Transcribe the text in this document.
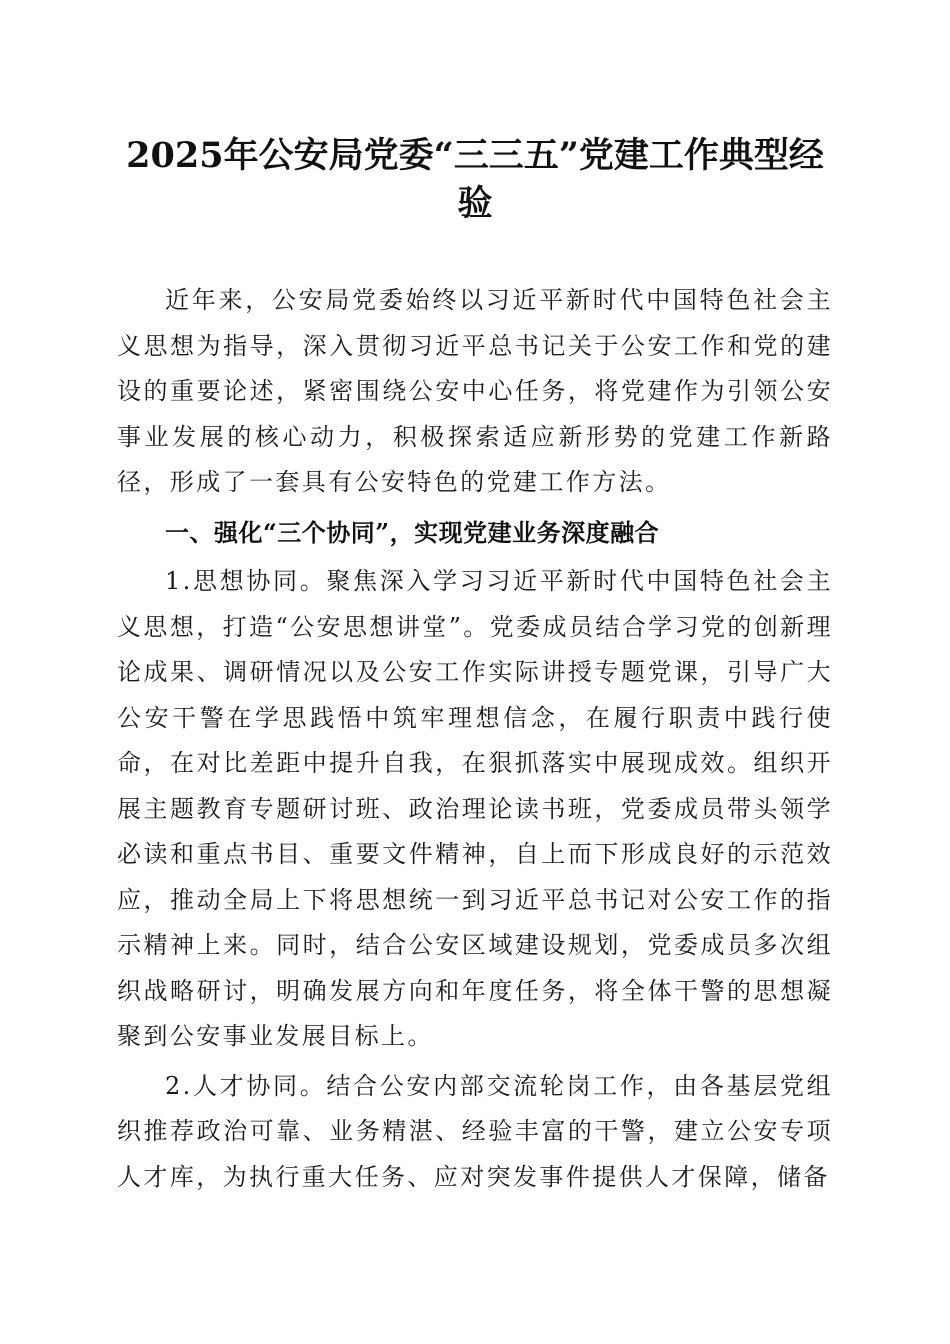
2025年公安局党委“三三五”党建工作典型经验

近年来，公安局党委始终以习近平新时代中国特色社会主义思想为指导，深入贯彻习近平总书记关于公安工作和党的建设的重要论述，紧密围绕公安中心任务，将党建作为引领公安事业发展的核心动力，积极探索适应新形势的党建工作新路径，形成了一套具有公安特色的党建工作方法。

一、强化“三个协同”，实现党建业务深度融合

1.思想协同。聚焦深入学习习近平新时代中国特色社会主义思想，打造“公安思想讲堂”。党委成员结合学习党的创新理论成果、调研情况以及公安工作实际讲授专题党课，引导广大公安干警在学思践悟中筑牢理想信念，在履行职责中践行使命，在对比差距中提升自我，在狠抓落实中展现成效。组织开展主题教育专题研讨班、政治理论读书班，党委成员带头领学必读和重点书目、重要文件精神，自上而下形成良好的示范效应，推动全局上下将思想统一到习近平总书记对公安工作的指示精神上来。同时，结合公安区域建设规划，党委成员多次组织战略研讨，明确发展方向和年度任务，将全体干警的思想凝聚到公安事业发展目标上。

2.人才协同。结合公安内部交流轮岗工作，由各基层党组织推荐政治可靠、业务精湛、经验丰富的干警，建立公安专项人才库，为执行重大任务、应对突发事件提供人才保障，储备
